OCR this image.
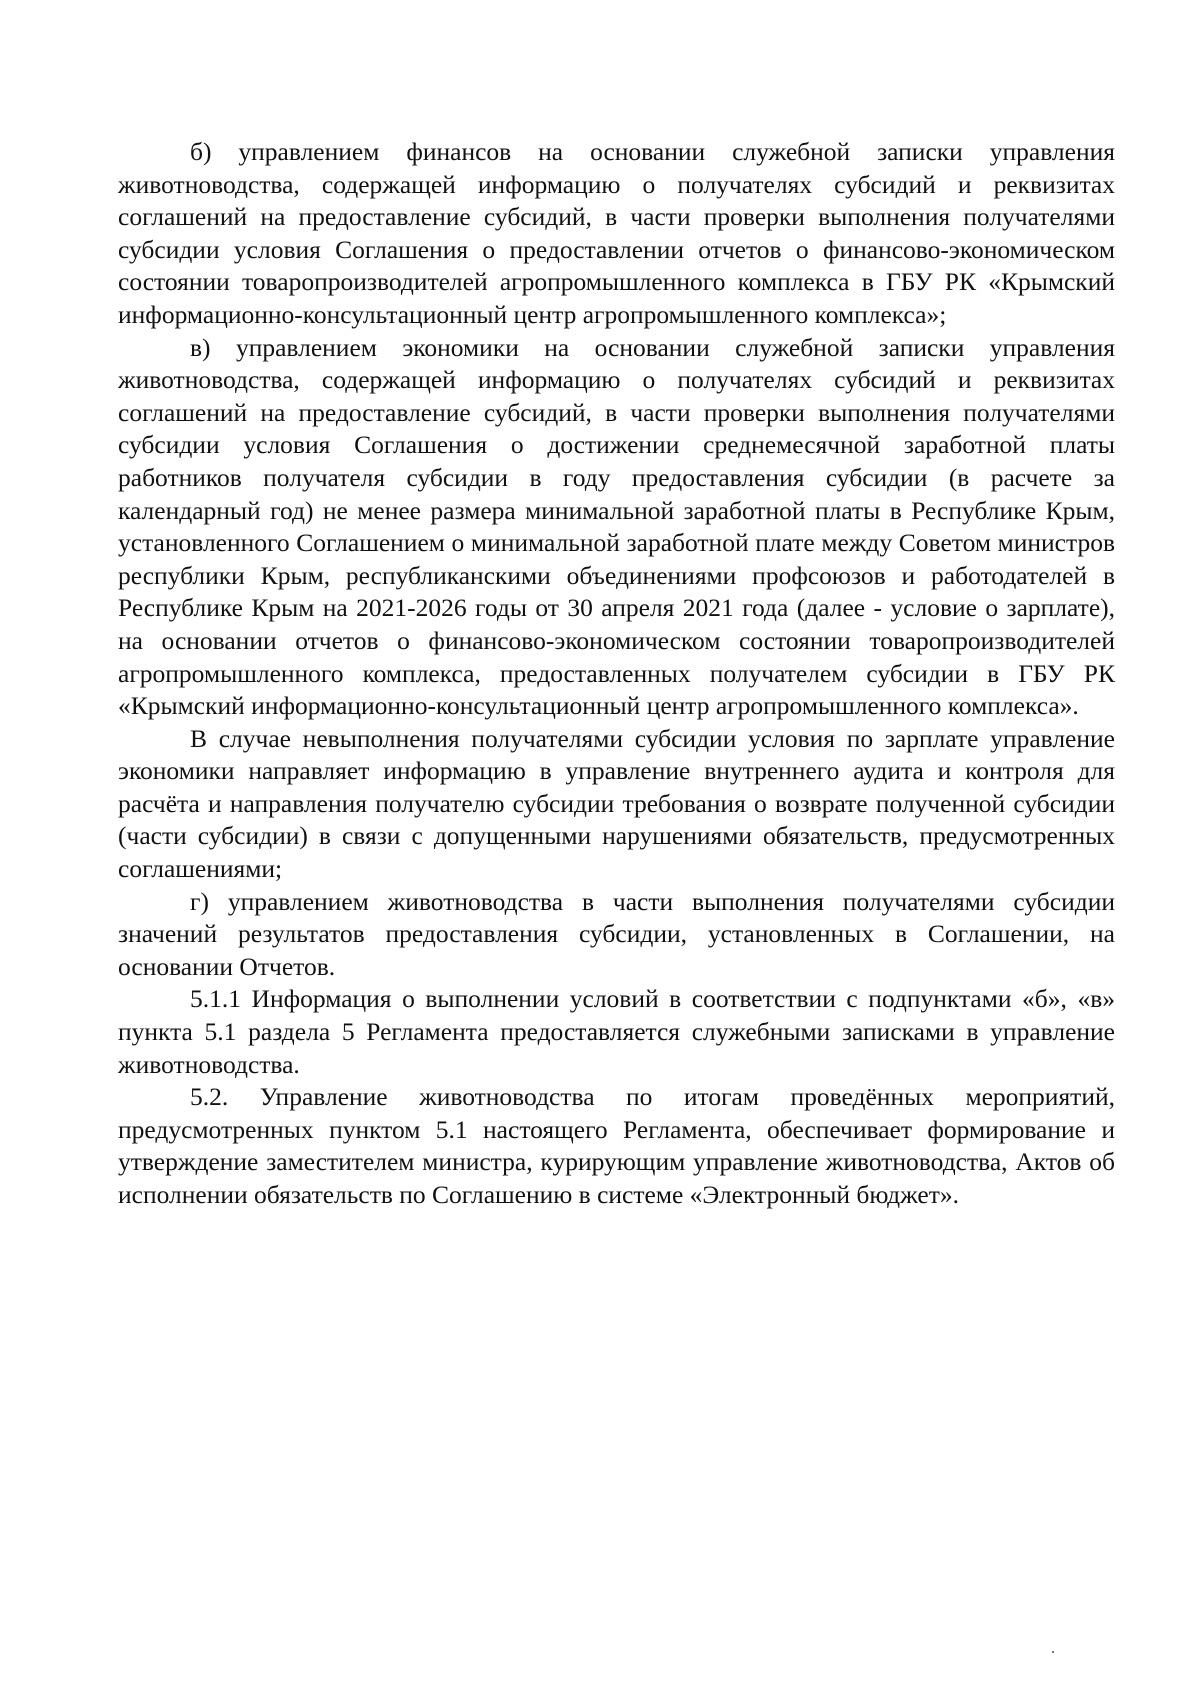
б) управлением финансов на основании служебной записки управления животноводства, содержащей информацию о получателях субсидий и реквизитах соглашений на предоставление субсидий, в части проверки выполнения получателями субсидии условия Соглашения о предоставлении отчетов о финансово-экономическом состоянии товаропроизводителей агропромышленного комплекса в ГБУ РК «Крымский информационно-консультационный центр агропромышленного комплекса»;

в) управлением экономики на основании служебной записки управления животноводства, содержащей информацию о получателях субсидий и реквизитах соглашений на предоставление субсидий, в части проверки выполнения получателями субсидии условия Соглашения о достижении среднемесячной заработной платы работников получателя субсидии в году предоставления субсидии (в расчете за календарный год) не менее размера минимальной заработной платы в Республике Крым, установленного Соглашением о минимальной заработной плате между Советом министров республики Крым, республиканскими объединениями профсоюзов и работодателей в Республике Крым на 2021-2026 годы от 30 апреля 2021 года (далее - условие о зарплате), на основании отчетов о финансово-экономическом состоянии товаропроизводителей агропромышленного комплекса, предоставленных получателем субсидии в ГБУ РК «Крымский информационно-консультационный центр агропромышленного комплекса».

В случае невыполнения получателями субсидии условия по зарплате управление экономики направляет информацию в управление внутреннего аудита и контроля для расчёта и направления получателю субсидии требования о возврате полученной субсидии (части субсидии) в связи с допущенными нарушениями обязательств, предусмотренных соглашениями;

г) управлением животноводства в части выполнения получателями субсидии значений результатов предоставления субсидии, установленных в Соглашении, на основании Отчетов.

5.1.1 Информация о выполнении условий в соответствии с подпунктами «б», «в» пункта 5.1 раздела 5 Регламента предоставляется служебными записками в управление животноводства.

5.2. Управление животноводства по итогам проведённых мероприятий, предусмотренных пунктом 5.1 настоящего Регламента, обеспечивает формирование и утверждение заместителем министра, курирующим управление животноводства, Актов об исполнении обязательств по Соглашению в системе «Электронный бюджет».
